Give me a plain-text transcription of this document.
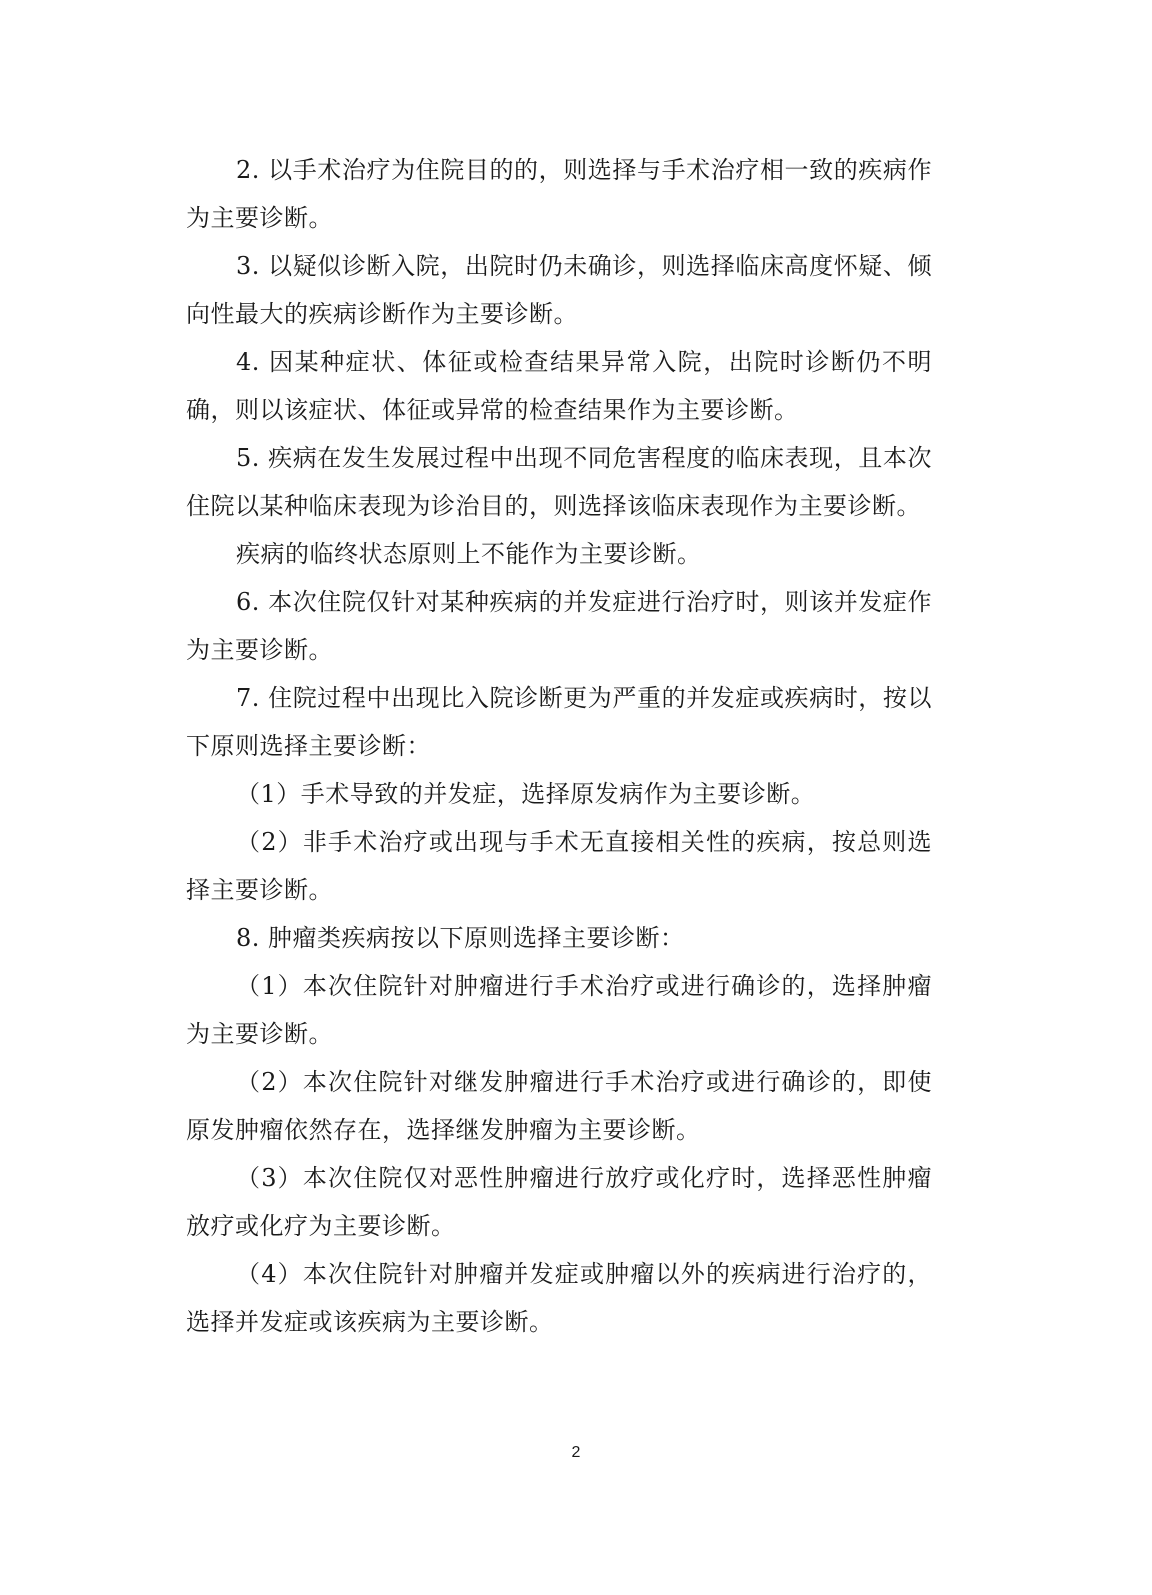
2. 以手术治疗为住院目的的，则选择与手术治疗相一致的疾病作为主要诊断。

3. 以疑似诊断入院，出院时仍未确诊，则选择临床高度怀疑、倾向性最大的疾病诊断作为主要诊断。

4. 因某种症状、体征或检查结果异常入院，出院时诊断仍不明确，则以该症状、体征或异常的检查结果作为主要诊断。

5. 疾病在发生发展过程中出现不同危害程度的临床表现，且本次住院以某种临床表现为诊治目的，则选择该临床表现作为主要诊断。

疾病的临终状态原则上不能作为主要诊断。

6. 本次住院仅针对某种疾病的并发症进行治疗时，则该并发症作为主要诊断。

7. 住院过程中出现比入院诊断更为严重的并发症或疾病时，按以下原则选择主要诊断：

（1）手术导致的并发症，选择原发病作为主要诊断。

（2）非手术治疗或出现与手术无直接相关性的疾病，按总则选择主要诊断。

8. 肿瘤类疾病按以下原则选择主要诊断：

（1）本次住院针对肿瘤进行手术治疗或进行确诊的，选择肿瘤为主要诊断。

（2）本次住院针对继发肿瘤进行手术治疗或进行确诊的，即使原发肿瘤依然存在，选择继发肿瘤为主要诊断。

（3）本次住院仅对恶性肿瘤进行放疗或化疗时，选择恶性肿瘤放疗或化疗为主要诊断。

（4）本次住院针对肿瘤并发症或肿瘤以外的疾病进行治疗的，选择并发症或该疾病为主要诊断。

2
